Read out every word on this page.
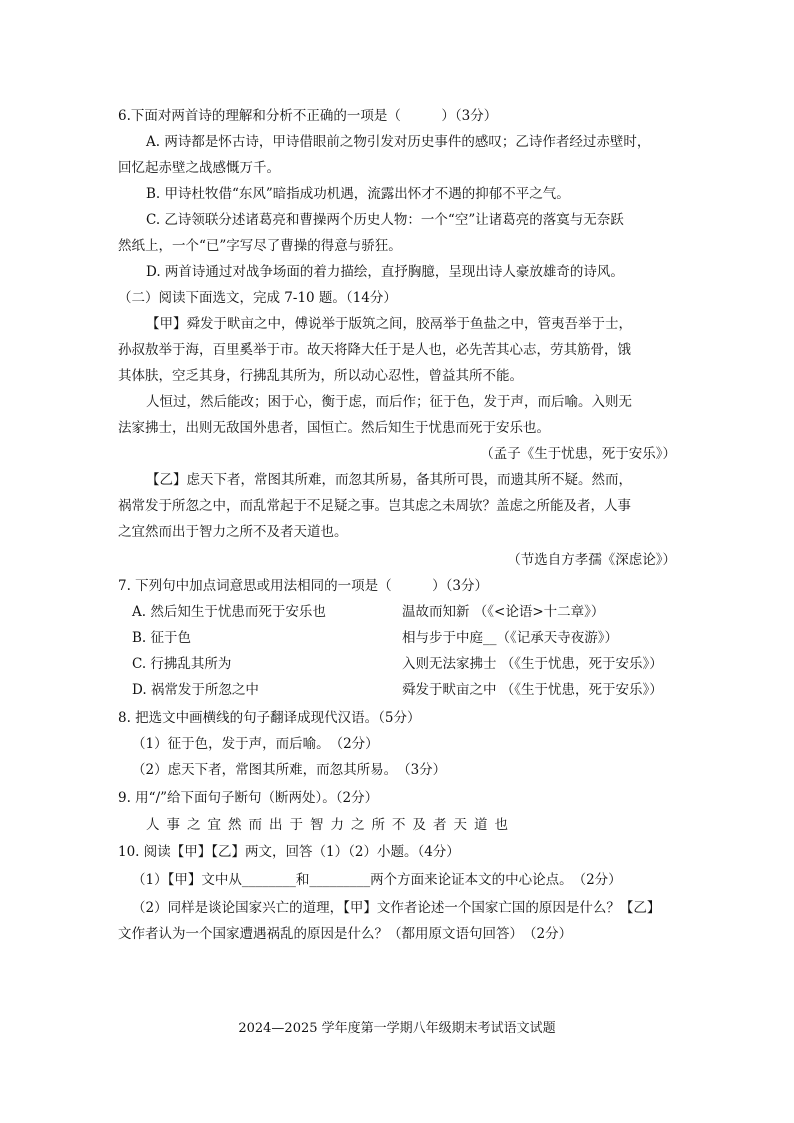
6.下面对两首诗的理解和分析不正确的一项是（　　　）（3分）
A. 两诗都是怀古诗，甲诗借眼前之物引发对历史事件的感叹；乙诗作者经过赤壁时，
回忆起赤壁之战感慨万千。
B. 甲诗杜牧借“东风”暗指成功机遇，流露出怀才不遇的抑郁不平之气。
C. 乙诗领联分述诸葛亮和曹操两个历史人物：一个“空”让诸葛亮的落寞与无奈跃
然纸上，一个“已”字写尽了曹操的得意与骄狂。
D. 两首诗通过对战争场面的着力描绘，直抒胸臆，呈现出诗人豪放雄奇的诗风。
（二）阅读下面选文，完成 7-10 题。（14分）
【甲】舜发于畎亩之中，傅说举于版筑之间，胶鬲举于鱼盐之中，管夷吾举于士，
孙叔敖举于海，百里奚举于市。故天将降大任于是人也，必先苦其心志，劳其筋骨，饿
其体肤，空乏其身，行拂乱其所为，所以动心忍性，曾益其所不能。
人恒过，然后能改；困于心，衡于虑，而后作；征于色，发于声，而后喻。入则无
法家拂士，出则无敌国外患者，国恒亡。然后知生于忧患而死于安乐也。
（孟子《生于忧患，死于安乐》）
【乙】虑天下者，常图其所难，而忽其所易，备其所可畏，而遗其所不疑。然而，
祸常发于所忽之中，而乱常起于不足疑之事。岂其虑之未周欤？盖虑之所能及者，人事
之宜然而出于智力之所不及者天道也。
（节选自方孝孺《深虑论》）
7. 下列句中加点词意思或用法相同的一项是（　　　）（3分）
A. 然后知生于忧患而死于安乐也	温故而知新 （《<论语>十二章》）
B. 征于色	相与步于中庭__（《记承天寺夜游》）
C. 行拂乱其所为	入则无法家拂士 （《生于忧患，死于安乐》）
D. 祸常发于所忽之中	舜发于畎亩之中 （《生于忧患，死于安乐》）
8. 把选文中画横线的句子翻译成现代汉语。（5分）
（1）征于色，发于声，而后喻。　（2分）
（2）虑天下者，常图其所难，而忽其所易。　（3分）
9. 用“/”给下面句子断句（断两处）。（2分）
人事之宜然而出于智力之所不及者天道也
10. 阅读【甲】【乙】两文，回答（1）（2）小题。（4分）
（1）【甲】文中从________和_________两个方面来论证本文的中心论点。　（2分）
（2）同样是谈论国家兴亡的道理，【甲】文作者论述一个国家亡国的原因是什么？【乙】
文作者认为一个国家遭遇祸乱的原因是什么？（都用原文语句回答）　（2分）
2024—2025 学年度第一学期八年级期末考试语文试题
